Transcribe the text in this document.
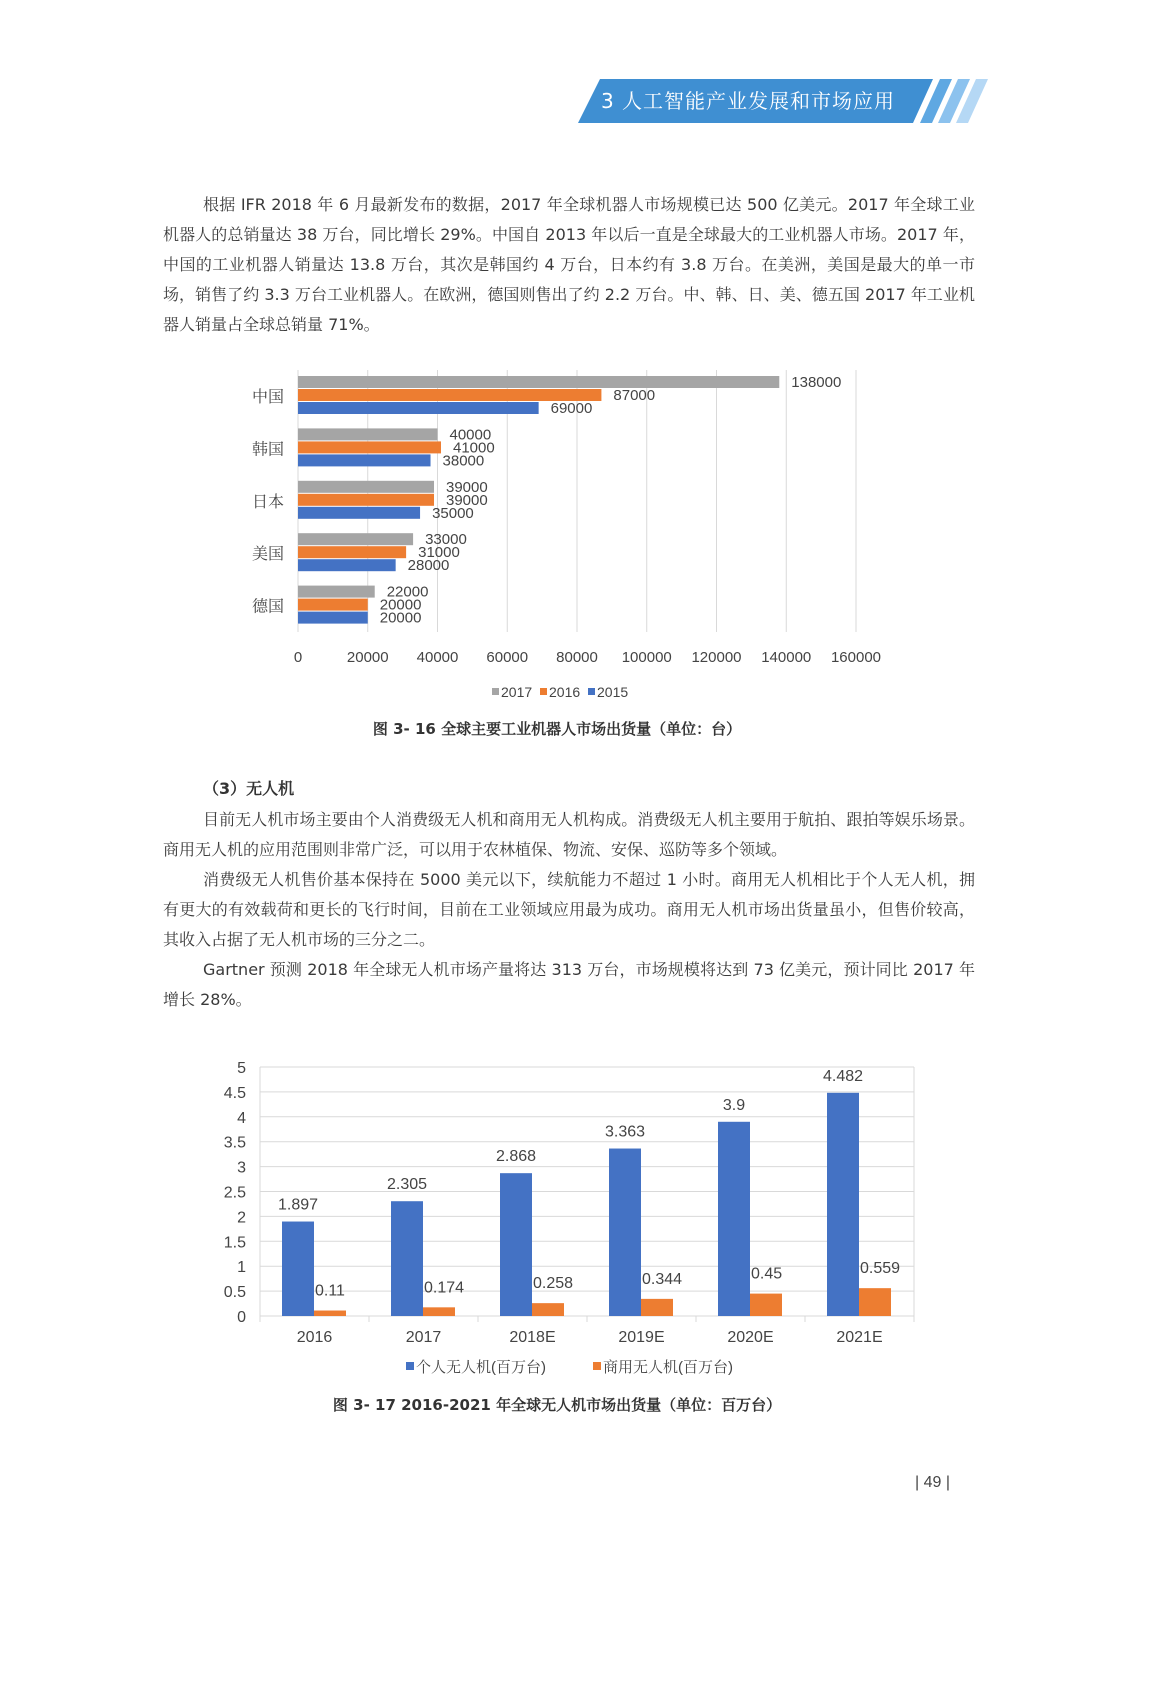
3 人工智能产业发展和市场应用

根据 IFR 2018 年 6 月最新发布的数据，2017 年全球机器人市场规模已达 500 亿美元。2017 年全球工业机器人的总销量达 38 万台，同比增长 29%。中国自 2013 年以后一直是全球最大的工业机器人市场。2017 年，中国的工业机器人销量达 13.8 万台，其次是韩国约 4 万台，日本约有 3.8 万台。在美洲，美国是最大的单一市场，销售了约 3.3 万台工业机器人。在欧洲，德国则售出了约 2.2 万台。中、韩、日、美、德五国 2017 年工业机器人销量占全球总销量 71%。

0	20000 40000 60000 80000 100000 120000 140000 160000
中国
138000
87000
69000
韩国
40000
41000
38000
日本
39000
39000
35000
美国
33000
31000
28000
德国
22000
20000
20000
2017 2016 2015
图 3- 16 全球主要工业机器人市场出货量（单位：台）
（3）无人机

目前无人机市场主要由个人消费级无人机和商用无人机构成。消费级无人机主要用于航拍、跟拍等娱乐场景。商用无人机的应用范围则非常广泛，可以用于农林植保、物流、安保、巡防等多个领域。

消费级无人机售价基本保持在 5000 美元以下，续航能力不超过 1 小时。商用无人机相比于个人无人机，拥有更大的有效载荷和更长的飞行时间，目前在工业领域应用最为成功。商用无人机市场出货量虽小，但售价较高，其收入占据了无人机市场的三分之二。

Gartner 预测 2018 年全球无人机市场产量将达 313 万台，市场规模将达到 73 亿美元，预计同比 2017 年增长 28%。

0
0.5
1
1.5
2
2.5
3
3.5
4
4.5
5
2016
1.897
0.11
2017
2.305
0.174
2018E
2.868
0.258
2019E
3.363
0.344
2020E
3.9
0.45
2021E
4.482
0.559
个人无人机(百万台)	商用无人机(百万台)
图 3- 17 2016-2021 年全球无人机市场出货量（单位：百万台）
| 49 |
